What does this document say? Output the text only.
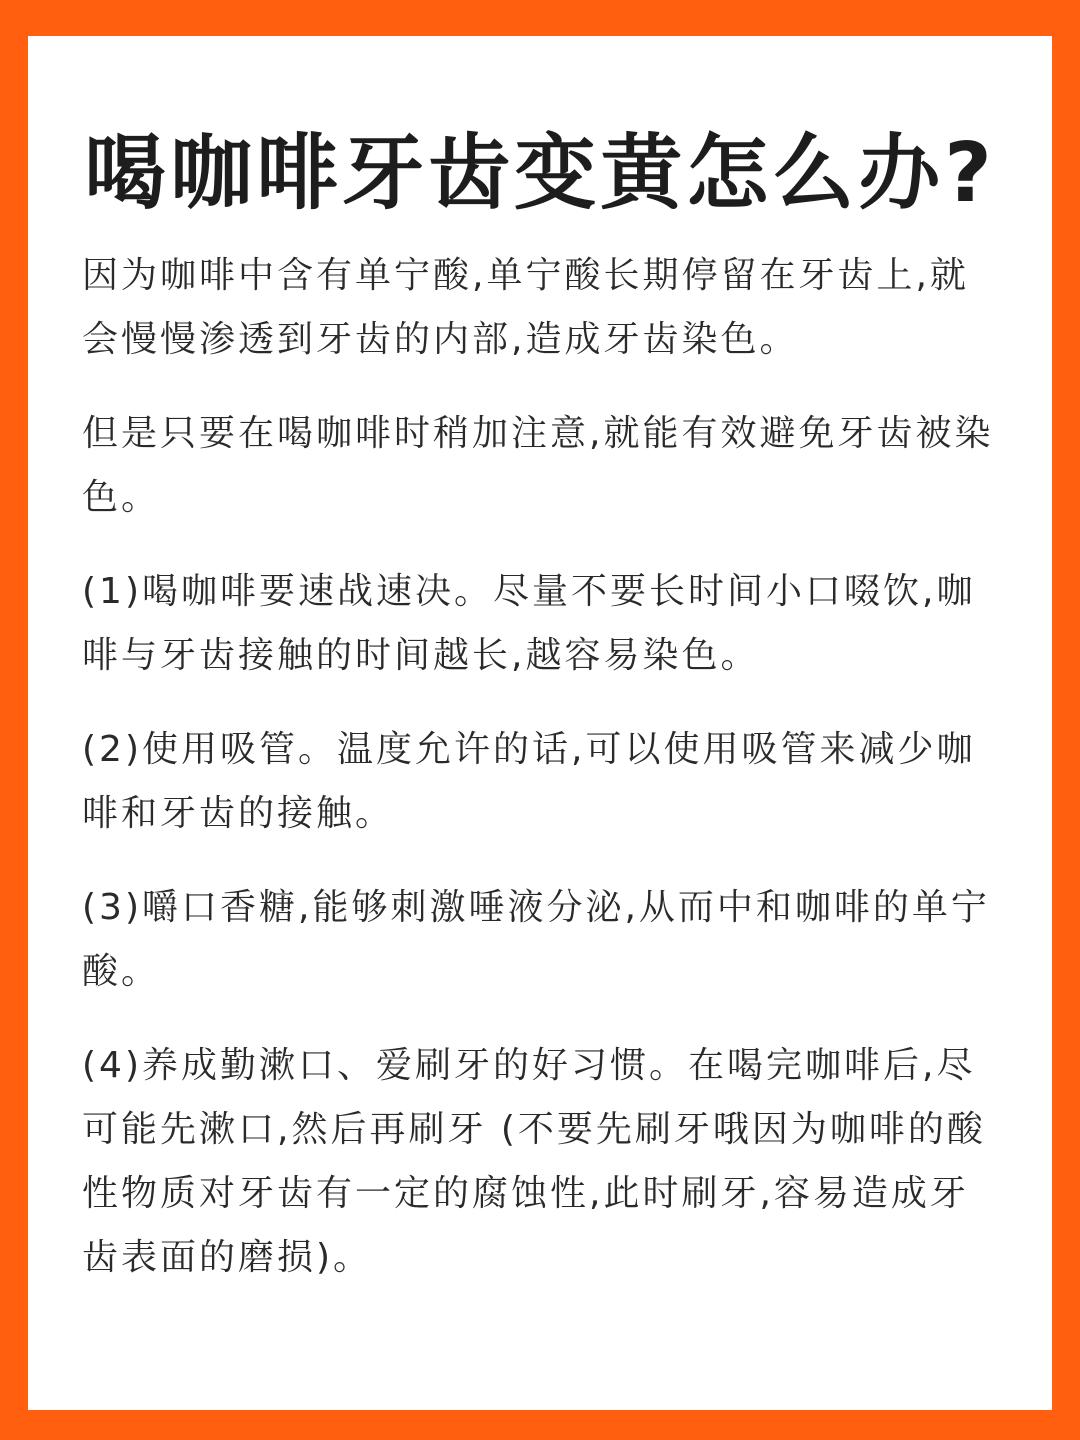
喝咖啡牙齿变黄怎么办?

因为咖啡中含有单宁酸,单宁酸长期停留在牙齿上,就会慢慢渗透到牙齿的内部,造成牙齿染色。

但是只要在喝咖啡时稍加注意,就能有效避免牙齿被染色。

(1)喝咖啡要速战速决。尽量不要长时间小口啜饮,咖啡与牙齿接触的时间越长,越容易染色。

(2)使用吸管。温度允许的话,可以使用吸管来减少咖啡和牙齿的接触。

(3)嚼口香糖,能够刺激唾液分泌,从而中和咖啡的单宁酸。

(4)养成勤漱口、爱刷牙的好习惯。在喝完咖啡后,尽可能先漱口,然后再刷牙 (不要先刷牙哦因为咖啡的酸性物质对牙齿有一定的腐蚀性,此时刷牙,容易造成牙齿表面的磨损)。
